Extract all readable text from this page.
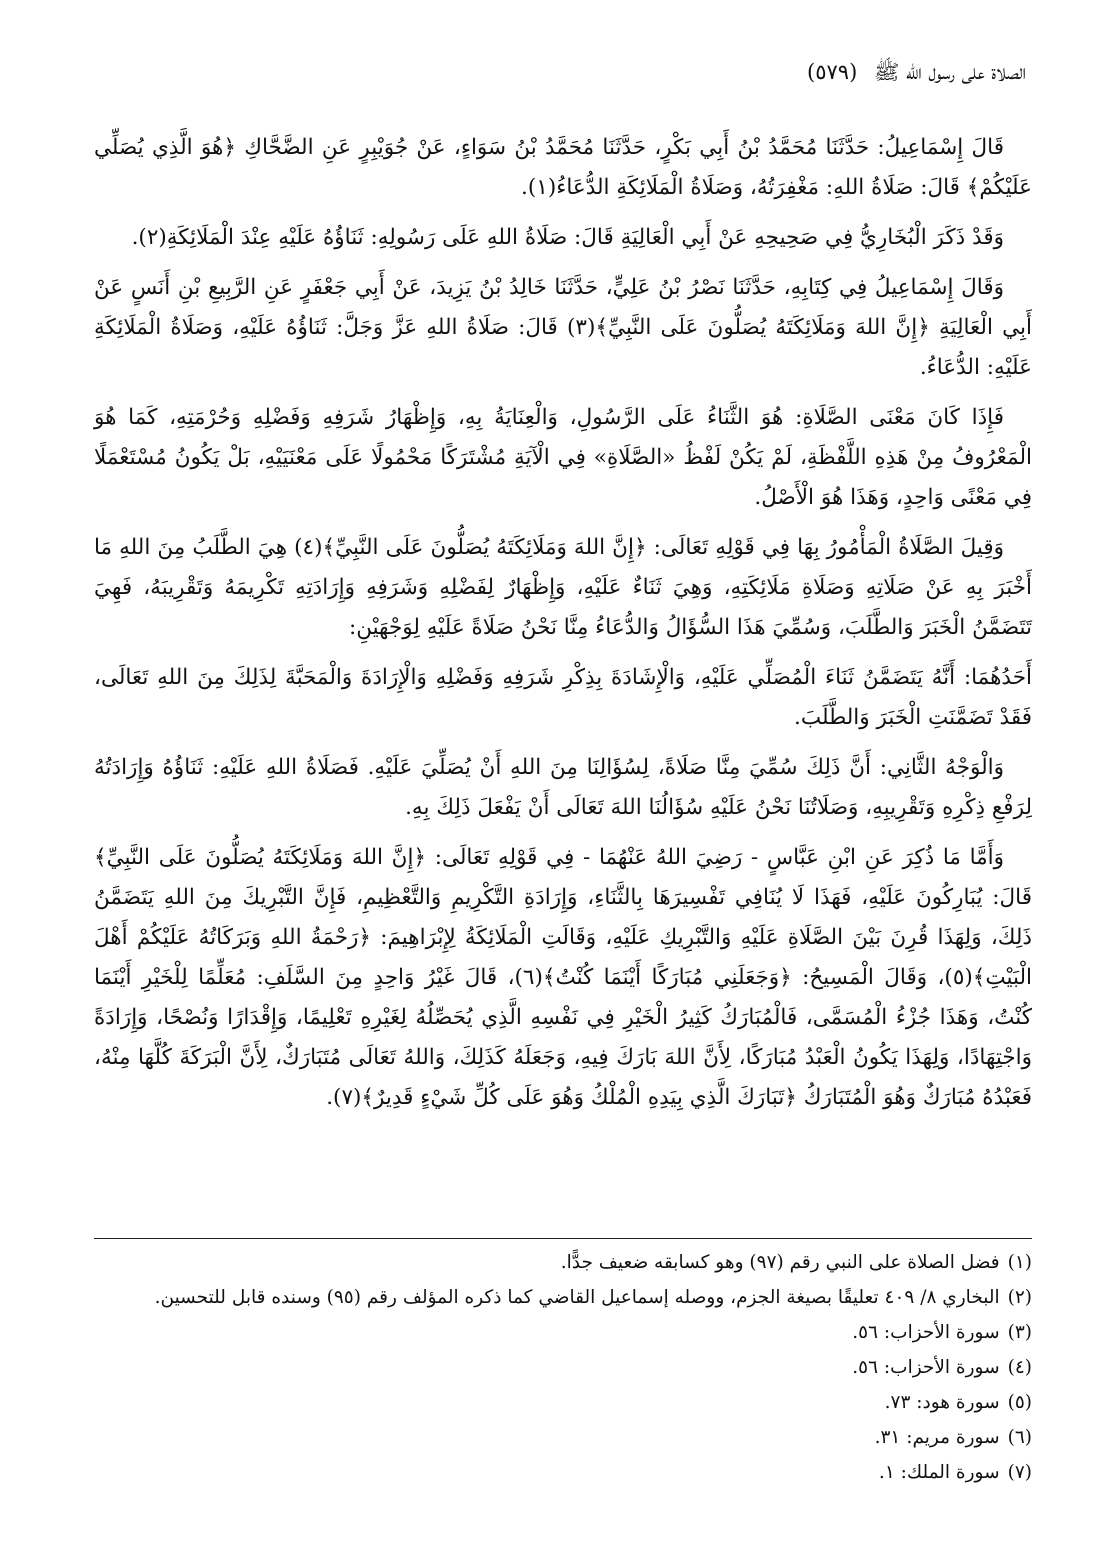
الصلاة على رسول الله ﷺ (٥٧٩)

قَالَ إِسْمَاعِيلُ: حَدَّثَنَا مُحَمَّدُ بْنُ أَبِي بَكْرٍ، حَدَّثَنَا مُحَمَّدُ بْنُ سَوَاءٍ، عَنْ جُوَيْبِرٍ عَنِ الضَّحَّاكِ ﴿هُوَ الَّذِي يُصَلِّي عَلَيْكُمْ﴾ قَالَ: صَلَاةُ اللهِ: مَغْفِرَتُهُ، وَصَلَاةُ الْمَلَائِكَةِ الدُّعَاءُ(١).

وَقَدْ ذَكَرَ الْبُخَارِيُّ فِي صَحِيحِهِ عَنْ أَبِي الْعَالِيَةِ قَالَ: صَلَاةُ اللهِ عَلَى رَسُولِهِ: ثَنَاؤُهُ عَلَيْهِ عِنْدَ الْمَلَائِكَةِ(٢).

وَقَالَ إِسْمَاعِيلُ فِي كِتَابِهِ، حَدَّثَنَا نَصْرُ بْنُ عَلِيٍّ، حَدَّثَنَا خَالِدُ بْنُ يَزِيدَ، عَنْ أَبِي جَعْفَرٍ عَنِ الرَّبِيعِ بْنِ أَنَسٍ عَنْ أَبِي الْعَالِيَةِ ﴿إِنَّ اللهَ وَمَلَائِكَتَهُ يُصَلُّونَ عَلَى النَّبِيِّ﴾(٣) قَالَ: صَلَاةُ اللهِ عَزَّ وَجَلَّ: ثَنَاؤُهُ عَلَيْهِ، وَصَلَاةُ الْمَلَائِكَةِ عَلَيْهِ: الدُّعَاءُ.

فَإِذَا كَانَ مَعْنَى الصَّلَاةِ: هُوَ الثَّنَاءُ عَلَى الرَّسُولِ، وَالْعِنَايَةُ بِهِ، وَإِظْهَارُ شَرَفِهِ وَفَضْلِهِ وَحُرْمَتِهِ، كَمَا هُوَ الْمَعْرُوفُ مِنْ هَذِهِ اللَّفْظَةِ، لَمْ يَكُنْ لَفْظُ «الصَّلَاةِ» فِي الْآيَةِ مُشْتَرَكًا مَحْمُولًا عَلَى مَعْنَيَيْهِ، بَلْ يَكُونُ مُسْتَعْمَلًا فِي مَعْنًى وَاحِدٍ، وَهَذَا هُوَ الْأَصْلُ.

وَقِيلَ الصَّلَاةُ الْمَأْمُورُ بِهَا فِي قَوْلِهِ تَعَالَى: ﴿إِنَّ اللهَ وَمَلَائِكَتَهُ يُصَلُّونَ عَلَى النَّبِيِّ﴾(٤) هِيَ الطَّلَبُ مِنَ اللهِ مَا أَخْبَرَ بِهِ عَنْ صَلَاتِهِ وَصَلَاةِ مَلَائِكَتِهِ، وَهِيَ ثَنَاءٌ عَلَيْهِ، وَإِظْهَارٌ لِفَضْلِهِ وَشَرَفِهِ وَإِرَادَتِهِ تَكْرِيمَهُ وَتَقْرِيبَهُ، فَهِيَ تَتَضَمَّنُ الْخَبَرَ وَالطَّلَبَ، وَسُمِّيَ هَذَا السُّؤَالُ وَالدُّعَاءُ مِنَّا نَحْنُ صَلَاةً عَلَيْهِ لِوَجْهَيْنِ:

أَحَدُهُمَا: أَنَّهُ يَتَضَمَّنُ ثَنَاءَ الْمُصَلِّي عَلَيْهِ، وَالْإِشَادَةَ بِذِكْرِ شَرَفِهِ وَفَضْلِهِ وَالْإِرَادَةَ وَالْمَحَبَّةَ لِذَلِكَ مِنَ اللهِ تَعَالَى، فَقَدْ تَضَمَّنَتِ الْخَبَرَ وَالطَّلَبَ.

وَالْوَجْهُ الثَّانِي: أَنَّ ذَلِكَ سُمِّيَ مِنَّا صَلَاةً، لِسُؤَالِنَا مِنَ اللهِ أَنْ يُصَلِّيَ عَلَيْهِ. فَصَلَاةُ اللهِ عَلَيْهِ: ثَنَاؤُهُ وَإِرَادَتُهُ لِرَفْعِ ذِكْرِهِ وَتَقْرِيبِهِ، وَصَلَاتُنَا نَحْنُ عَلَيْهِ سُؤَالُنَا اللهَ تَعَالَى أَنْ يَفْعَلَ ذَلِكَ بِهِ.

وَأَمَّا مَا ذُكِرَ عَنِ ابْنِ عَبَّاسٍ - رَضِيَ اللهُ عَنْهُمَا - فِي قَوْلِهِ تَعَالَى: ﴿إِنَّ اللهَ وَمَلَائِكَتَهُ يُصَلُّونَ عَلَى النَّبِيِّ﴾ قَالَ: يُبَارِكُونَ عَلَيْهِ، فَهَذَا لَا يُنَافِي تَفْسِيرَهَا بِالثَّنَاءِ، وَإِرَادَةِ التَّكْرِيمِ وَالتَّعْظِيمِ، فَإِنَّ التَّبْرِيكَ مِنَ اللهِ يَتَضَمَّنُ ذَلِكَ، وَلِهَذَا قُرِنَ بَيْنَ الصَّلَاةِ عَلَيْهِ وَالتَّبْرِيكِ عَلَيْهِ، وَقَالَتِ الْمَلَائِكَةُ لِإِبْرَاهِيمَ: ﴿رَحْمَةُ اللهِ وَبَرَكَاتُهُ عَلَيْكُمْ أَهْلَ الْبَيْتِ﴾(٥)، وَقَالَ الْمَسِيحُ: ﴿وَجَعَلَنِي مُبَارَكًا أَيْنَمَا كُنْتُ﴾(٦)، قَالَ غَيْرُ وَاحِدٍ مِنَ السَّلَفِ: مُعَلِّمًا لِلْخَيْرِ أَيْنَمَا كُنْتُ، وَهَذَا جُزْءُ الْمُسَمَّى، فَالْمُبَارَكُ كَثِيرُ الْخَيْرِ فِي نَفْسِهِ الَّذِي يُحَصِّلُهُ لِغَيْرِهِ تَعْلِيمًا، وَإِقْدَارًا وَنُصْحًا، وَإِرَادَةً وَاجْتِهَادًا، وَلِهَذَا يَكُونُ الْعَبْدُ مُبَارَكًا، لِأَنَّ اللهَ بَارَكَ فِيهِ، وَجَعَلَهُ كَذَلِكَ، وَاللهُ تَعَالَى مُتَبَارَكٌ، لِأَنَّ الْبَرَكَةَ كُلَّهَا مِنْهُ، فَعَبْدُهُ مُبَارَكٌ وَهُوَ الْمُتَبَارَكُ ﴿تَبَارَكَ الَّذِي بِيَدِهِ الْمُلْكُ وَهُوَ عَلَى كُلِّ شَيْءٍ قَدِيرٌ﴾(٧).

(١)فضل الصلاة على النبي رقم (٩٧) وهو كسابقه ضعيف جدًّا.
(٢)البخاري ٨/ ٤٠٩ تعليقًا بصيغة الجزم، ووصله إسماعيل القاضي كما ذكره المؤلف رقم (٩٥) وسنده قابل للتحسين.
(٣)سورة الأحزاب: ٥٦.
(٤)سورة الأحزاب: ٥٦.
(٥)سورة هود: ٧٣.
(٦)سورة مريم: ٣١.
(٧)سورة الملك: ١.
